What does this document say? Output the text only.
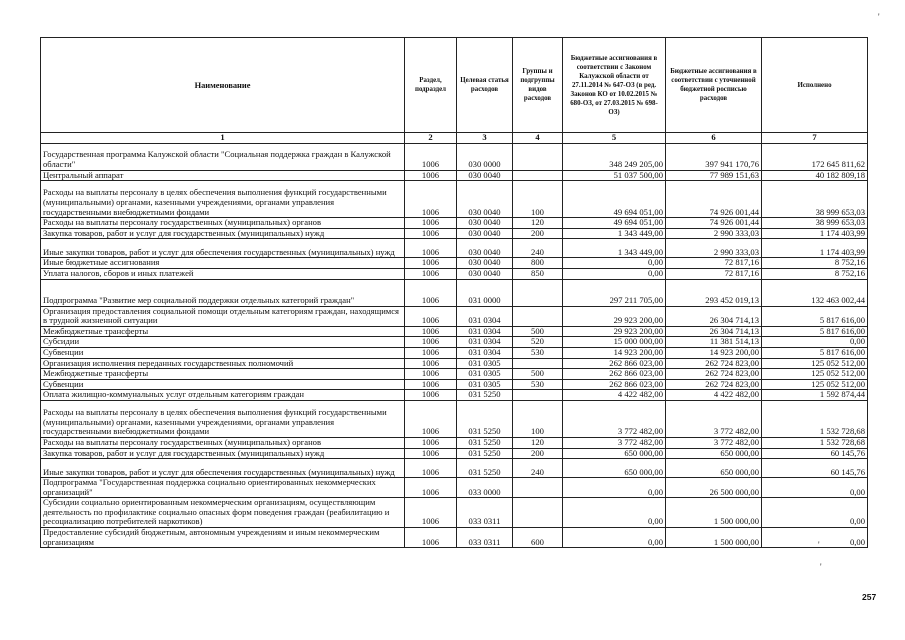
Наименование	Раздел, подраздел	Целевая статья расходов	Группы и подгруппы видов расходов	Бюджетные ассигнования в соответствии с Законом Калужской области от 27.11.2014 № 647-ОЗ (в ред. Законов КО от 10.02.2015 № 680-ОЗ, от 27.03.2015 № 698-ОЗ)	Бюджетные ассигнования в соответствии с уточненной бюджетной росписью расходов	Исполнено
1	2	3	4	5	6	7
Государственная программа Калужской области "Социальная поддержка граждан в Калужской области"	1006	030 0000		348 249 205,00	397 941 170,76	172 645 811,62
Центральный аппарат	1006	030 0040		51 037 500,00	77 989 151,63	40 182 809,18
Расходы на выплаты персоналу в целях обеспечения выполнения функций государственными (муниципальными) органами, казенными учреждениями, органами управления государственными внебюджетными фондами	1006	030 0040	100	49 694 051,00	74 926 001,44	38 999 653,03
Расходы на выплаты персоналу государственных (муниципальных) органов	1006	030 0040	120	49 694 051,00	74 926 001,44	38 999 653,03
Закупка товаров, работ и услуг для государственных (муниципальных) нужд	1006	030 0040	200	1 343 449,00	2 990 333,03	1 174 403,99
Иные закупки товаров, работ и услуг для обеспечения государственных (муниципальных) нужд	1006	030 0040	240	1 343 449,00	2 990 333,03	1 174 403,99
Иные бюджетные ассигнования	1006	030 0040	800	0,00	72 817,16	8 752,16
Уплата налогов, сборов и иных платежей	1006	030 0040	850	0,00	72 817,16	8 752,16
Подпрограмма "Развитие мер социальной поддержки отдельных категорий граждан"	1006	031 0000		297 211 705,00	293 452 019,13	132 463 002,44
Организация предоставления социальной помощи отдельным категориям граждан, находящимся в трудной жизненной ситуации	1006	031 0304		29 923 200,00	26 304 714,13	5 817 616,00
Межбюджетные трансферты	1006	031 0304	500	29 923 200,00	26 304 714,13	5 817 616,00
Субсидии	1006	031 0304	520	15 000 000,00	11 381 514,13	0,00
Субвенции	1006	031 0304	530	14 923 200,00	14 923 200,00	5 817 616,00
Организация исполнения переданных государственных полномочий	1006	031 0305		262 866 023,00	262 724 823,00	125 052 512,00
Межбюджетные трансферты	1006	031 0305	500	262 866 023,00	262 724 823,00	125 052 512,00
Субвенции	1006	031 0305	530	262 866 023,00	262 724 823,00	125 052 512,00
Оплата жилищно-коммунальных услуг отдельным категориям граждан	1006	031 5250		4 422 482,00	4 422 482,00	1 592 874,44
Расходы на выплаты персоналу в целях обеспечения выполнения функций государственными (муниципальными) органами, казенными учреждениями, органами управления государственными внебюджетными фондами	1006	031 5250	100	3 772 482,00	3 772 482,00	1 532 728,68
Расходы на выплаты персоналу государственных (муниципальных) органов	1006	031 5250	120	3 772 482,00	3 772 482,00	1 532 728,68
Закупка товаров, работ и услуг для государственных (муниципальных) нужд	1006	031 5250	200	650 000,00	650 000,00	60 145,76
Иные закупки товаров, работ и услуг для обеспечения государственных (муниципальных) нужд	1006	031 5250	240	650 000,00	650 000,00	60 145,76
Подпрограмма "Государственная поддержка социально ориентированных некоммерческих организаций"	1006	033 0000		0,00	26 500 000,00	0,00
Субсидии социально ориентированным некоммерческим организациям, осуществляющим деятельность по профилактике социально опасных форм поведения граждан (реабилитацию и ресоциализацию потребителей наркотиков)	1006	033 0311		0,00	1 500 000,00	0,00
Предоставление субсидий бюджетным, автономным учреждениям и иным некоммерческим организациям	1006	033 0311	600	0,00	1 500 000,00	0,00
'
'
'
257
